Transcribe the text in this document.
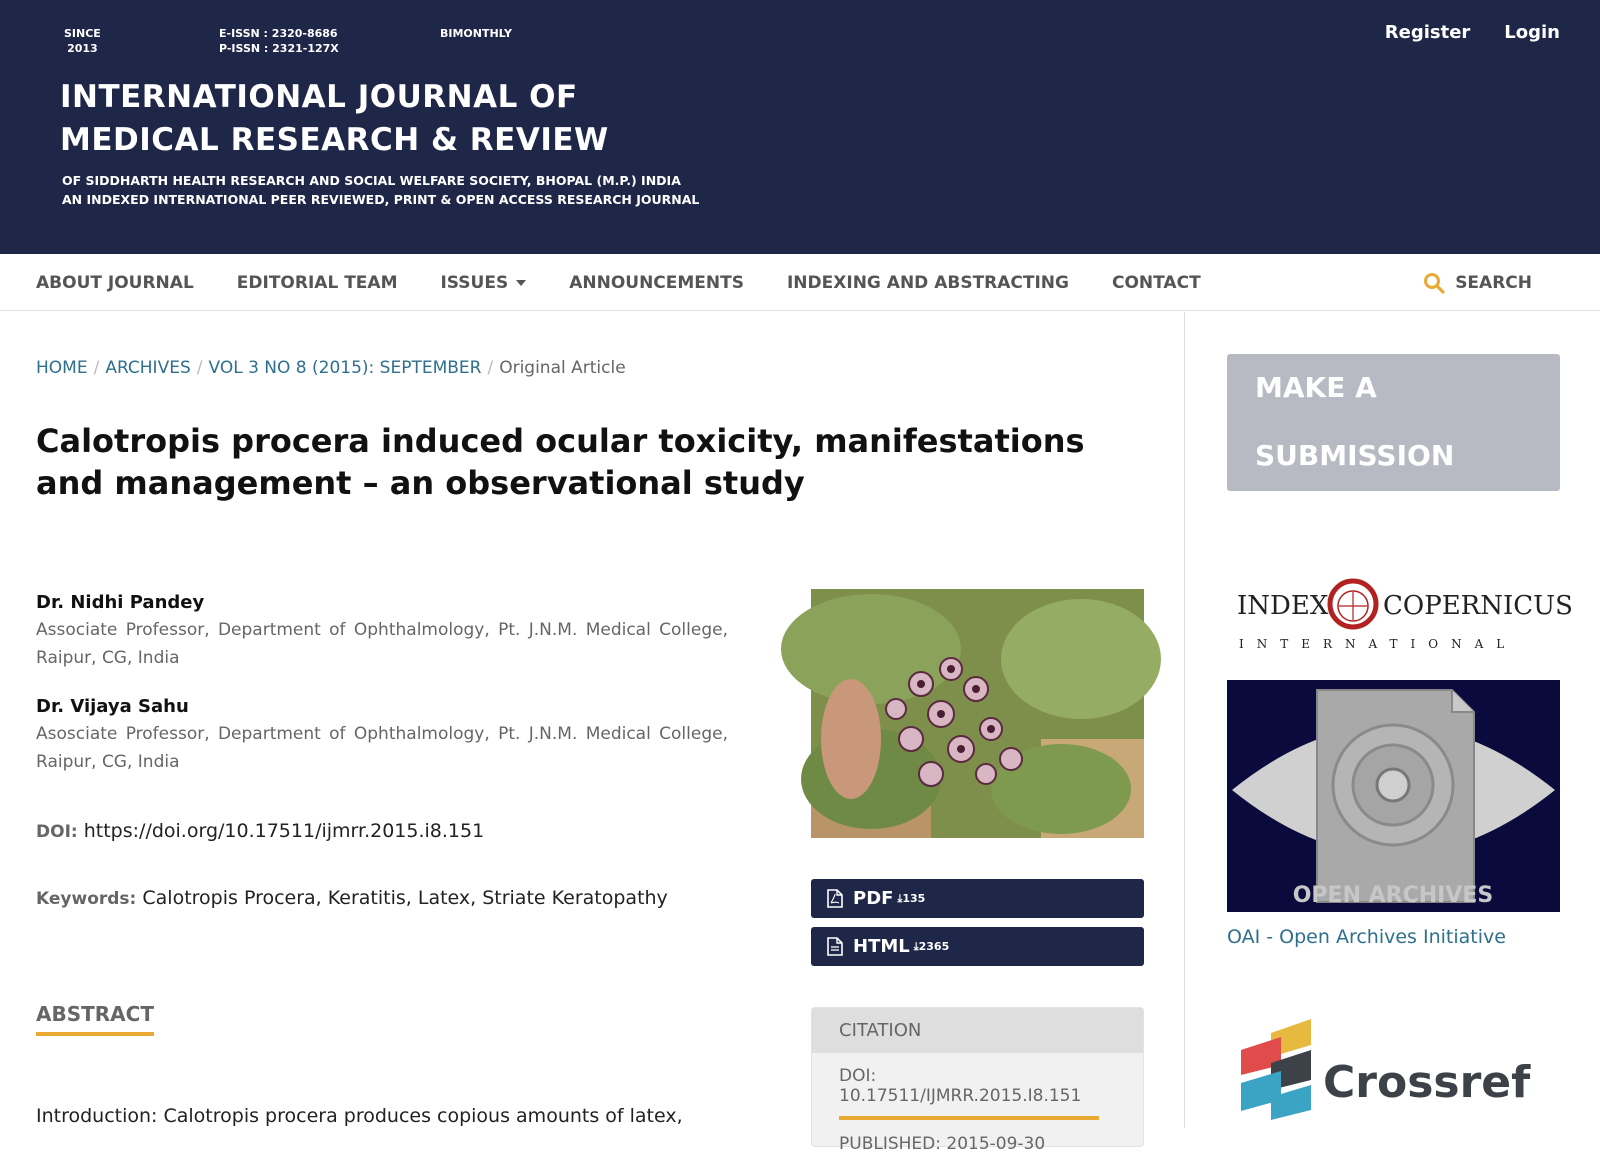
SINCE
2013
E-ISSN : 2320-8686
P-ISSN : 2321-127X
BIMONTHLY
INTERNATIONAL JOURNAL OF
MEDICAL RESEARCH & REVIEW
OF SIDDHARTH HEALTH RESEARCH AND SOCIAL WELFARE SOCIETY, BHOPAL (M.P.) INDIA
AN INDEXED INTERNATIONAL PEER REVIEWED, PRINT & OPEN ACCESS RESEARCH JOURNAL
Register Login
ABOUT JOURNAL	EDITORIAL TEAM	ISSUES	ANNOUNCEMENTS	INDEXING AND ABSTRACTING	CONTACT	SEARCH
HOME / ARCHIVES / VOL 3 NO 8 (2015): SEPTEMBER / Original Article
Calotropis procera induced ocular toxicity, manifestations and management – an observational study
Dr. Nidhi Pandey
Associate Professor, Department of Ophthalmology, Pt. J.N.M. Medical College, Raipur, CG, India
Dr. Vijaya Sahu
Asosciate Professor, Department of Ophthalmology, Pt. J.N.M. Medical College, Raipur, CG, India
DOI: https://doi.org/10.17511/ijmrr.2015.i8.151
Keywords: Calotropis Procera, Keratitis, Latex, Striate Keratopathy
ABSTRACT

Introduction: Calotropis procera produces copious amounts of latex,

PDF ⤓135
HTML ⤓2365
CITATION
DOI: 10.17511/IJMRR.2015.I8.151
PUBLISHED: 2015-09-30
MAKE A
SUBMISSION
INDEX COPERNICUS
INTERNATIONAL
OPEN ARCHIVES
OAI - Open Archives Initiative
Crossref
